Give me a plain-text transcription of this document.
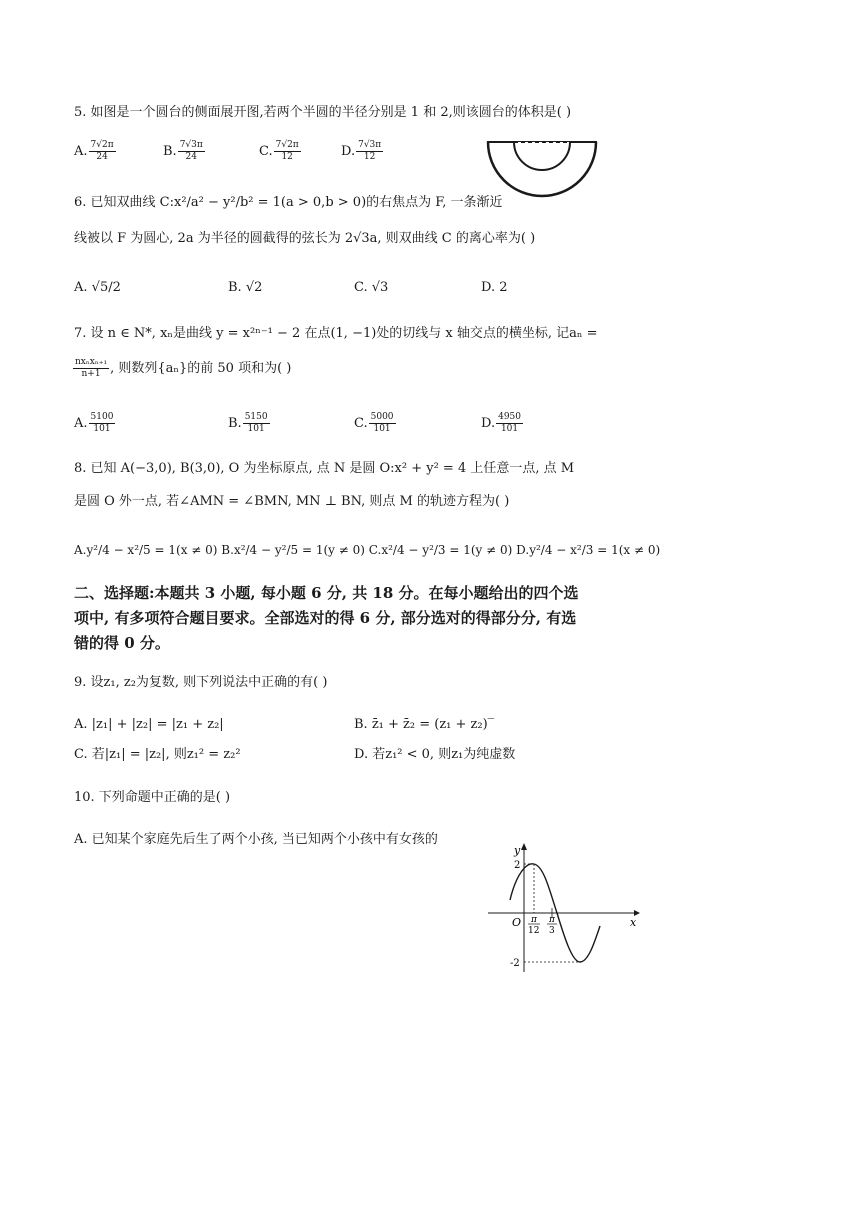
5. 如图是一个圆台的侧面展开图,若两个半圆的半径分别是 1 和 2,则该圆台的体积是( )
A. $\frac{7√2\pi}{24}$	B. $\frac{7√3\pi}{24}$	C. $\frac{7√2\pi}{12}$	D. $\frac{7√3\pi}{12}$
6. 已知双曲线 C:x²/a² − y²/b² = 1(a > 0,b > 0)的右焦点为 F, 一条渐近
线被以 F 为圆心, 2a 为半径的圆截得的弦长为 2√3a, 则双曲线 C 的离心率为( )
A. √5/2	B. √2	C. √3	D. 2
7. 设 n ∈ N*, xₙ是曲线 y = x²ⁿ⁻¹ − 2 在点(1, −1)处的切线与 x 轴交点的横坐标, 记aₙ =
$\frac{\text{nxₙxₙ₊₁}}{n+1}$ , 则数列{aₙ}的前 50 项和为( )
A. $\frac{5100}{101}$	B. $\frac{5150}{101}$	C. $\frac{5000}{101}$	D. $\frac{4950}{101}$
8. 已知 A(−3,0), B(3,0), O 为坐标原点, 点 N 是圆 O:x² + y² = 4 上任意一点, 点 M
是圆 O 外一点, 若∠AMN = ∠BMN, MN ⊥ BN, 则点 M 的轨迹方程为( )
A.y²/4 − x²/5 = 1(x ≠ 0) B.x²/4 − y²/5 = 1(y ≠ 0) C.x²/4 − y²/3 = 1(y ≠ 0) D.y²/4 − x²/3 = 1(x ≠ 0)
二、选择题:本题共 3 小题, 每小题 6 分, 共 18 分。在每小题给出的四个选
项中, 有多项符合题目要求。全部选对的得 6 分, 部分选对的得部分分, 有选
错的得 0 分。
9. 设z₁, z₂为复数, 则下列说法中正确的有( )
A. |z₁| + |z₂| = |z₁ + z₂|	B. z̄₁ + z̄₂ = (z₁ + z₂)‾
C. 若|z₁| = |z₂|, 则z₁² = z₂²	D. 若z₁² < 0, 则z₁为纯虚数
10. 下列命题中正确的是( )
A. 已知某个家庭先后生了两个小孩, 当已知两个小孩中有女孩的
y
x
O
2
-2
π
12
π
3
